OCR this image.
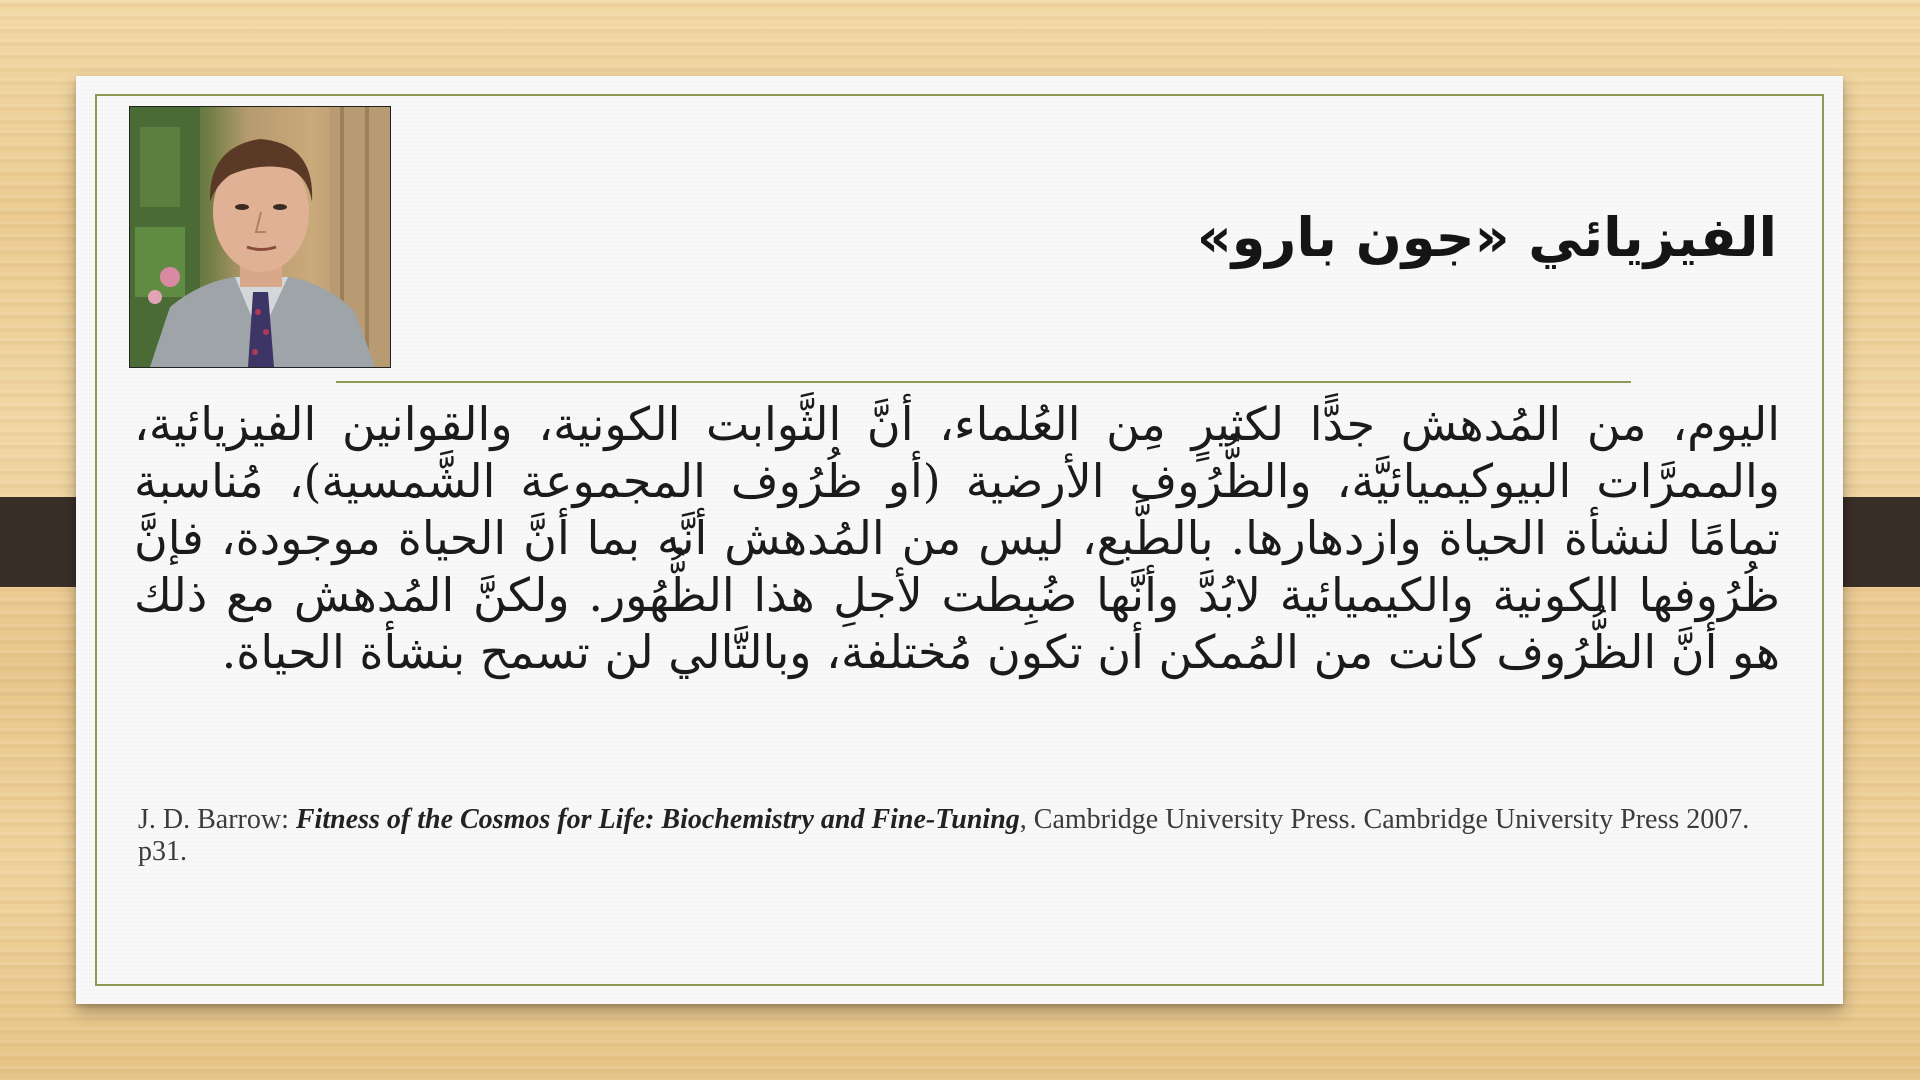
الفيزيائي «جون بارو»

اليوم، من المُدهش جدًّا لكثيرٍ مِن العُلماء، أنَّ الثَّوابت الكونية، والقوانين الفيزيائية، والممرَّات البيوكيميائيَّة، والظُّرُوف الأرضية (أو ظُرُوف المجموعة الشَّمسية)، مُناسبة تمامًا لنشأة الحياة وازدهارها. بالطَّبع، ليس من المُدهش أنَّه بما أنَّ الحياة موجودة، فإنَّ ظُرُوفها الكونية والكيميائية لابُدَّ وأنَّها ضُبِطت لأجلِ هذا الظُّهُور. ولكنَّ المُدهش مع ذلك هو أنَّ الظُّرُوف كانت من المُمكن أن تكون مُختلفة، وبالتَّالي لن تسمح بنشأة الحياة.

J. D. Barrow: Fitness of the Cosmos for Life: Biochemistry and Fine-Tuning, Cambridge University Press. Cambridge University Press 2007. p31.
